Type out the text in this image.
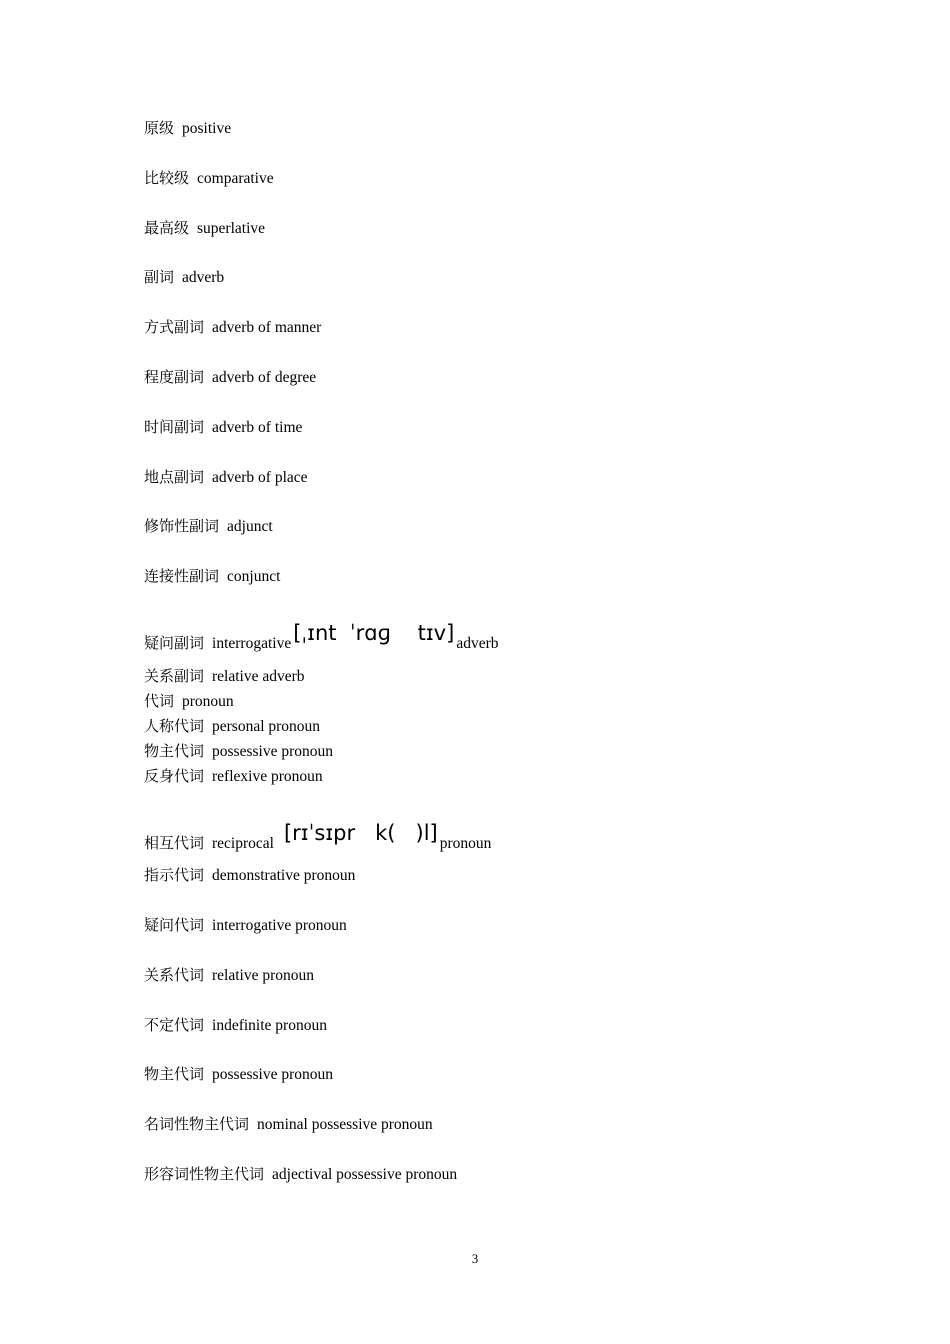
原级 positive
比较级 comparative
最高级 superlative
副词 adverb
方式副词 adverb of manner
程度副词 adverb of degree
时间副词 adverb of time
地点副词 adverb of place
修饰性副词 adjunct
连接性副词 conjunct
疑问副词 interrogative[ˌɪnt  ˈrɑɡ    tɪv] adverb
关系副词 relative adverb
代词 pronoun
人称代词 personal pronoun
物主代词 possessive pronoun
反身代词 reflexive pronoun
相互代词 reciprocal [rɪˈsɪpr   k(   )l] pronoun
指示代词 demonstrative pronoun
疑问代词 interrogative pronoun
关系代词 relative pronoun
不定代词 indefinite pronoun
物主代词 possessive pronoun
名词性物主代词 nominal possessive pronoun
形容词性物主代词 adjectival possessive pronoun
3
